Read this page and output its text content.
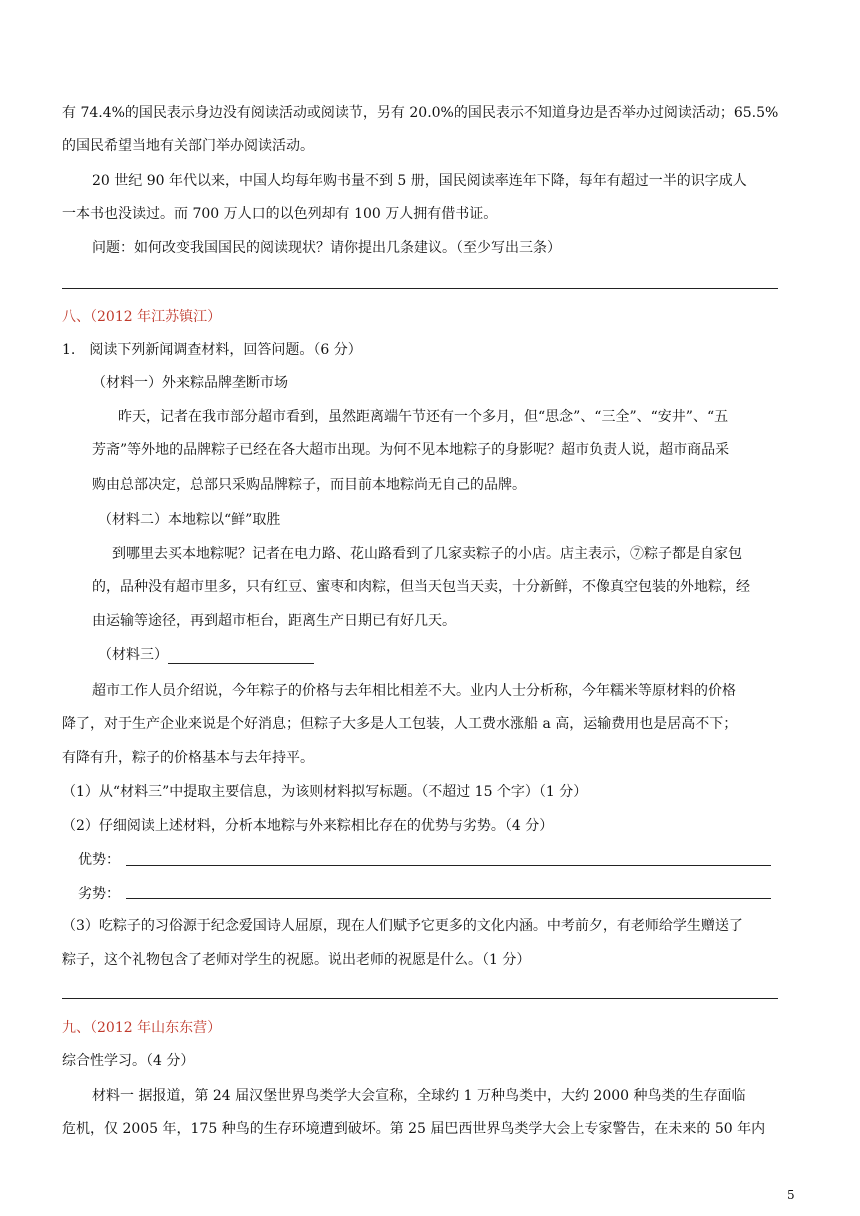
有 74.4%的国民表示身边没有阅读活动或阅读节，另有 20.0%的国民表示不知道身边是否举办过阅读活动；65.5%
的国民希望当地有关部门举办阅读活动。
20 世纪 90 年代以来，中国人均每年购书量不到 5 册，国民阅读率连年下降，每年有超过一半的识字成人
一本书也没读过。而 700 万人口的以色列却有 100 万人拥有借书证。
问题：如何改变我国国民的阅读现状？请你提出几条建议。（至少写出三条）
八、（2012 年江苏镇江）
1.　阅读下列新闻调查材料，回答问题。（6 分）
（材料一）外来粽品牌垄断市场
昨天，记者在我市部分超市看到，虽然距离端午节还有一个多月，但“思念”、“三全”、“安井”、“五
芳斋”等外地的品牌粽子已经在各大超市出现。为何不见本地粽子的身影呢？超市负责人说，超市商品采
购由总部决定，总部只采购品牌粽子，而目前本地粽尚无自己的品牌。
（材料二）本地粽以“鲜”取胜
到哪里去买本地粽呢？记者在电力路、花山路看到了几家卖粽子的小店。店主表示，⑦粽子都是自家包
的，品种没有超市里多，只有红豆、蜜枣和肉粽，但当天包当天卖，十分新鲜，不像真空包装的外地粽，经
由运输等途径，再到超市柜台，距离生产日期已有好几天。
（材料三）
超市工作人员介绍说，今年粽子的价格与去年相比相差不大。业内人士分析称，今年糯米等原材料的价格
降了，对于生产企业来说是个好消息；但粽子大多是人工包装，人工费水涨船 a 高，运输费用也是居高不下；
有降有升，粽子的价格基本与去年持平。
（1）从“材料三”中提取主要信息，为该则材料拟写标题。（不超过 15 个字）（1 分）
（2）仔细阅读上述材料，分析本地粽与外来粽相比存在的优势与劣势。（4 分）
优势：
劣势：
（3）吃粽子的习俗源于纪念爱国诗人屈原，现在人们赋予它更多的文化内涵。中考前夕，有老师给学生赠送了
粽子，这个礼物包含了老师对学生的祝愿。说出老师的祝愿是什么。（1 分）
九、（2012 年山东东营）
综合性学习。（4 分）
材料一 据报道，第 24 届汉堡世界鸟类学大会宣称，全球约 1 万种鸟类中，大约 2000 种鸟类的生存面临
危机，仅 2005 年，175 种鸟的生存环境遭到破坏。第 25 届巴西世界鸟类学大会上专家警告，在未来的 50 年内
5
